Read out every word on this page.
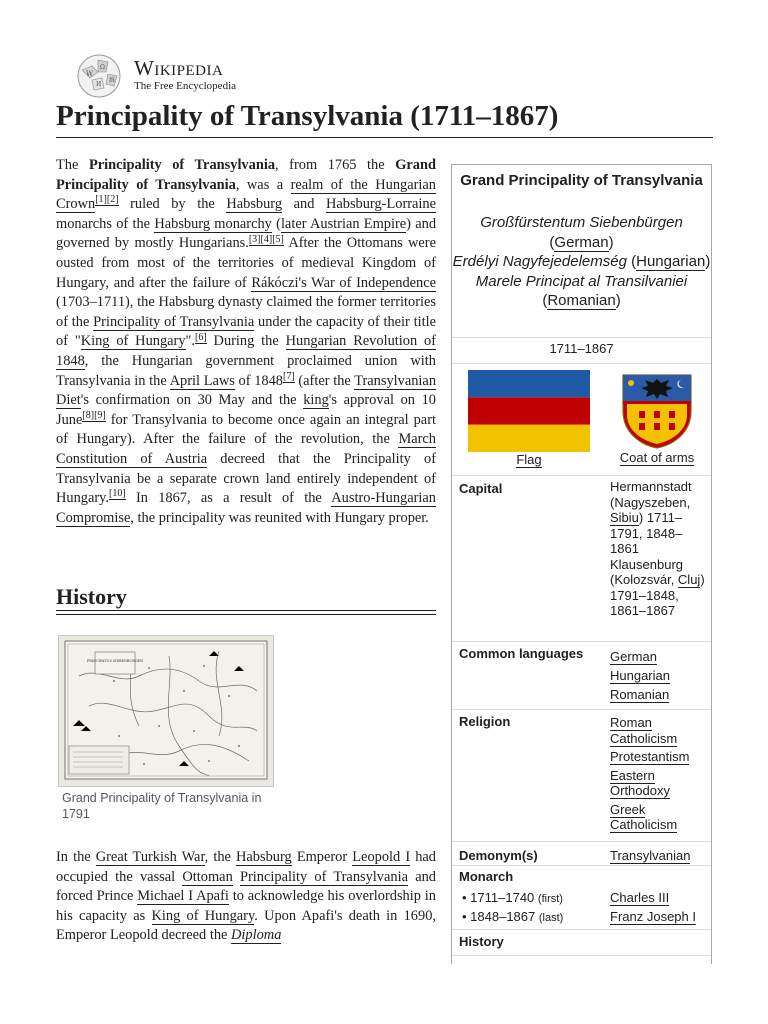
W
Ω
И
維
Wikipedia
The Free Encyclopedia
Principality of Transylvania (1711–1867)

The Principality of Transylvania, from 1765 the Grand Principality of Transylvania, was a realm of the Hungarian Crown[1][2] ruled by the Habsburg and Habsburg-Lorraine monarchs of the Habsburg monarchy (later Austrian Empire) and governed by mostly Hungarians.[3][4][5] After the Ottomans were ousted from most of the territories of medieval Kingdom of Hungary, and after the failure of Rákóczi's War of Independence (1703–1711), the Habsburg dynasty claimed the former territories of the Principality of Transylvania under the capacity of their title of "King of Hungary".[6] During the Hungarian Revolution of 1848, the Hungarian government proclaimed union with Transylvania in the April Laws of 1848[7] (after the Transylvanian Diet's confirmation on 30 May and the king's approval on 10 June[8][9] for Transylvania to become once again an integral part of Hungary). After the failure of the revolution, the March Constitution of Austria decreed that the Principality of Transylvania be a separate crown land entirely independent of Hungary.[10] In 1867, as a result of the Austro-Hungarian Compromise, the principality was reunited with Hungary proper.

History
PRINCIPATUS SIEBENBURGEN
Grand Principality of Transylvania in 1791

In the Great Turkish War, the Habsburg Emperor Leopold I had occupied the vassal Ottoman Principality of Transylvania and forced Prince Michael I Apafi to acknowledge his overlordship in his capacity as King of Hungary. Upon Apafi's death in 1690, Emperor Leopold decreed the Diploma

Grand Principality of Transylvania
Großfürstentum Siebenbürgen (German)
Erdélyi Nagyfejedelemség (Hungarian)
Marele Principat al Transilvaniei (Romanian)
1711–1867
Flag	Coat of arms
Capital	Hermannstadt (Nagyszeben, Sibiu) 1711–1791, 1848–1861
Klausenburg (Kolozsvár, Cluj) 1791–1848, 1861–1867
Common languages German
Hungarian
Romanian
Religion	Roman Catholicism
Protestantism
Eastern Orthodoxy
Greek Catholicism
Demonym(s)	Transylvanian
Monarch
• 1711–1740 (first)	Charles III
• 1848–1867 (last)	Franz Joseph I
History
